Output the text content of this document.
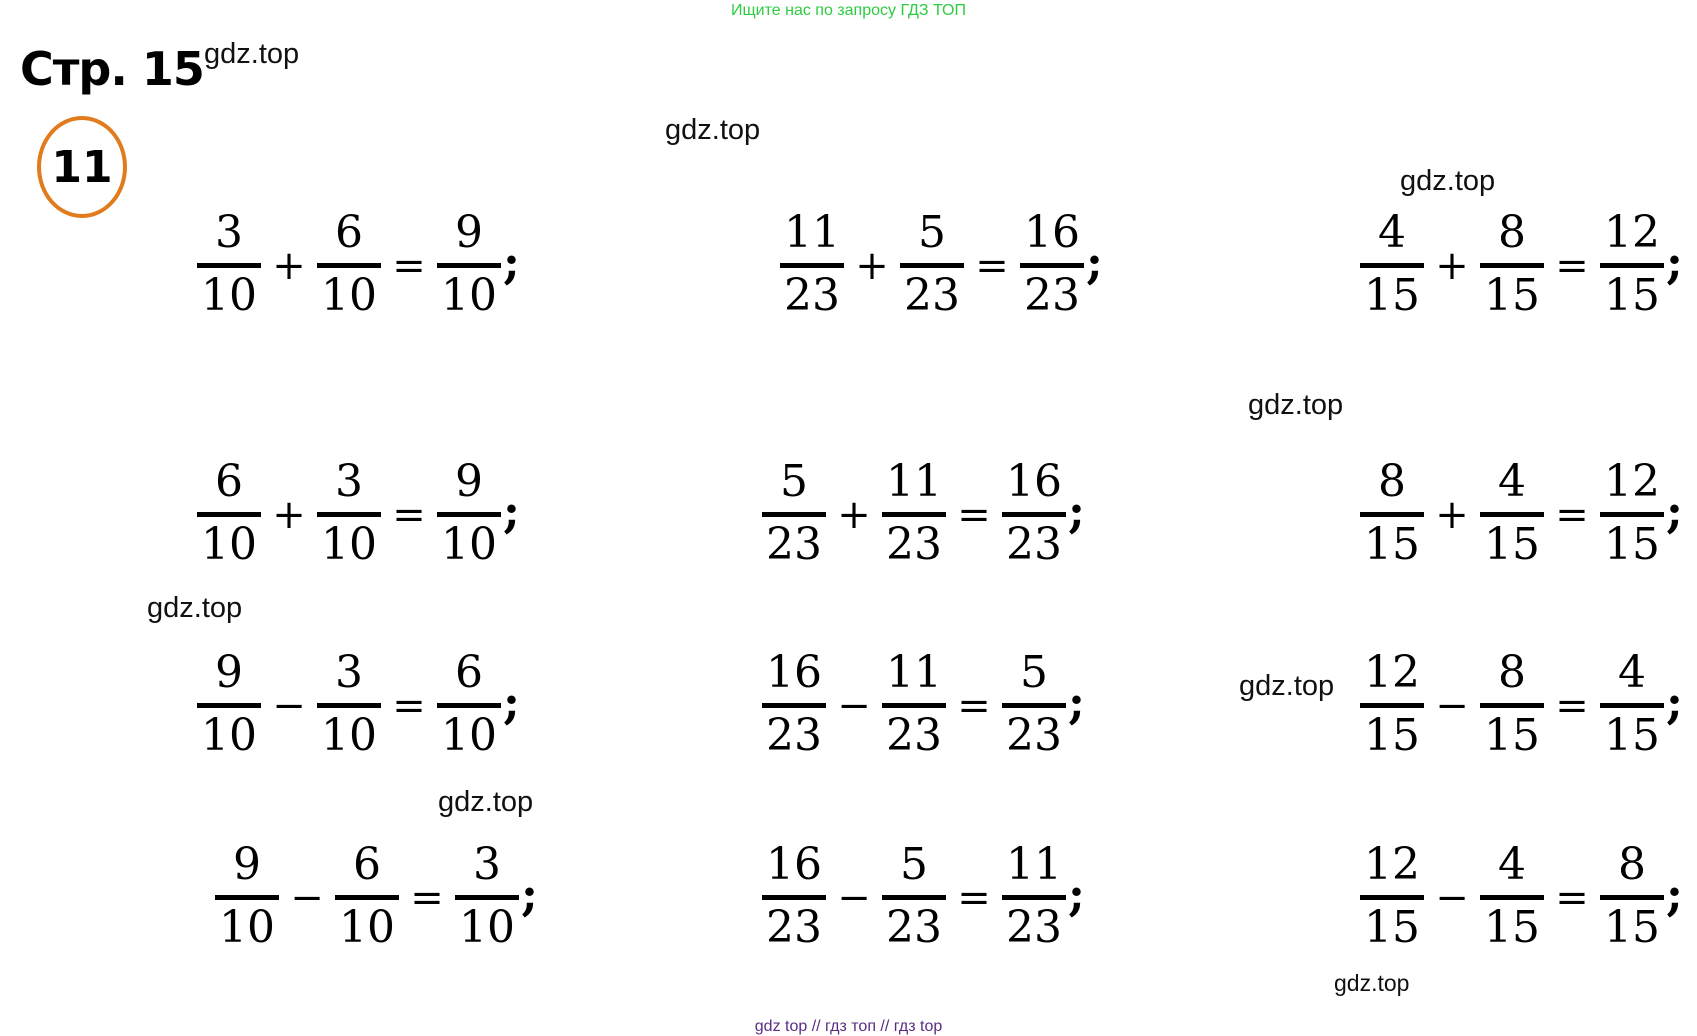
Ищите нас по запросу ГДЗ ТОП
Стр. 15
11
gdz.top
gdz.top
gdz.top
gdz.top
gdz.top
gdz.top
gdz.top
gdz.top
3
10
+
6
10
=
9
10
;
11
23
+
5
23
=
16
23
;
4
15
+
8
15
=
12
15
;
6
10
+
3
10
=
9
10
;
5
23
+
11
23
=
16
23
;
8
15
+
4
15
=
12
15
;
9
10
−
3
10
=
6
10
;
16
23
−
11
23
=
5
23
;
12
15
−
8
15
=
4
15
;
9
10
−
6
10
=
3
10
;
16
23
−
5
23
=
11
23
;
12
15
−
4
15
=
8
15
;
gdz top // гдз топ // гдз top
